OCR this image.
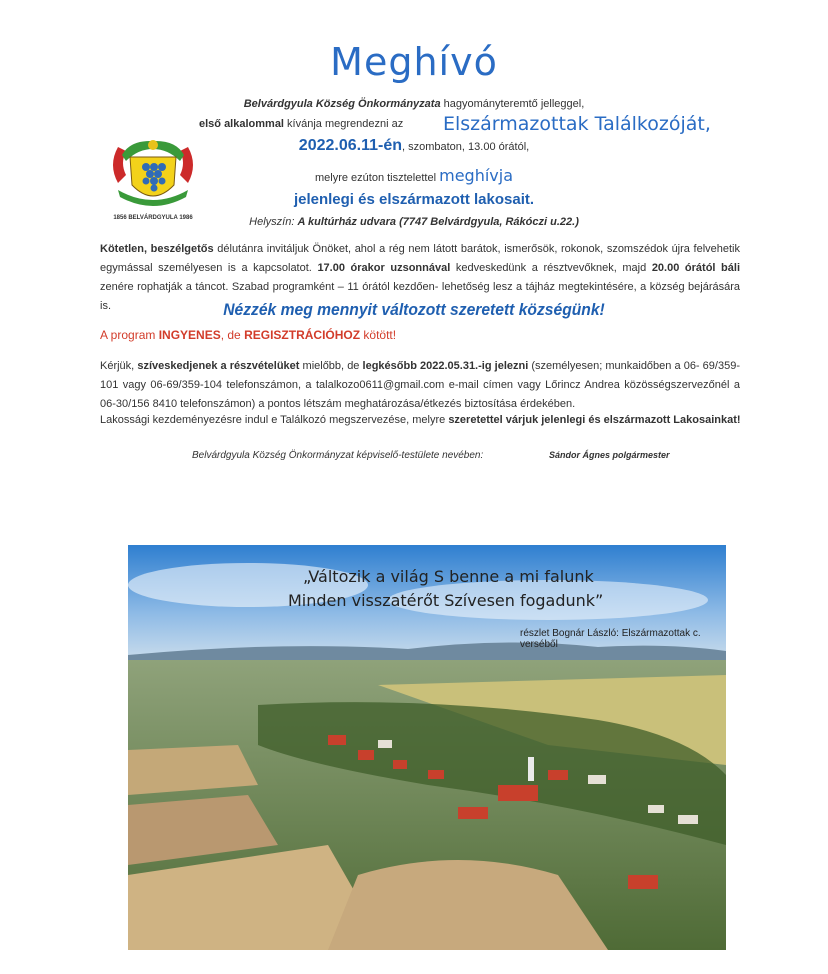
Meghívó
1856 BELVÁRDGYULA 1986
Belvárdgyula Község Önkormányzata hagyományteremtő jelleggel,
első alkalommal kívánja megrendezni az Elszármazottak Találkozóját,
2022.06.11-én, szombaton, 13.00 órától,
melyre ezúton tisztelettel meghívja
jelenlegi és elszármazott lakosait.
Helyszín: A kultúrház udvara (7747 Belvárdgyula, Rákóczi u.22.)
Kötetlen, beszélgetős délutánra invitáljuk Önöket, ahol a rég nem látott barátok, ismerősök, rokonok, szomszédok újra felvehetik egymással személyesen is a kapcsolatot. 17.00 órakor uzsonnával kedveskedünk a résztvevőknek, majd 20.00 órától báli zenére rophatják a táncot. Szabad programként – 11 órától kezdően- lehetőség lesz a tájház megtekintésére, a község bejárására is.	Nézzék meg mennyit változott szeretett községünk!
A program INGYENES, de REGISZTRÁCIÓHOZ kötött!
Kérjük, szíveskedjenek a részvételüket mielőbb, de legkésőbb 2022.05.31.-ig jelezni (személyesen; munkaidőben a 06- 69/359-101 vagy 06-69/359-104 telefonszámon, a talalkozo0611@gmail.com e-mail címen vagy Lőrincz Andrea közösségszervezőnél a 06-30/156 8410 telefonszámon) a pontos létszám meghatározása/étkezés biztosítása érdekében.
Lakossági kezdeményezésre indul e Találkozó megszervezése, melyre szeretettel várjuk jelenlegi és elszármazott Lakosainkat!
Belvárdgyula Község Önkormányzat képviselő-testülete nevében:	Sándor Ágnes polgármester
„Változik a világ S benne a mi falunk
Minden visszatérőt Szívesen fogadunk”
részlet Bognár László: Elszármazottak c. verséből
